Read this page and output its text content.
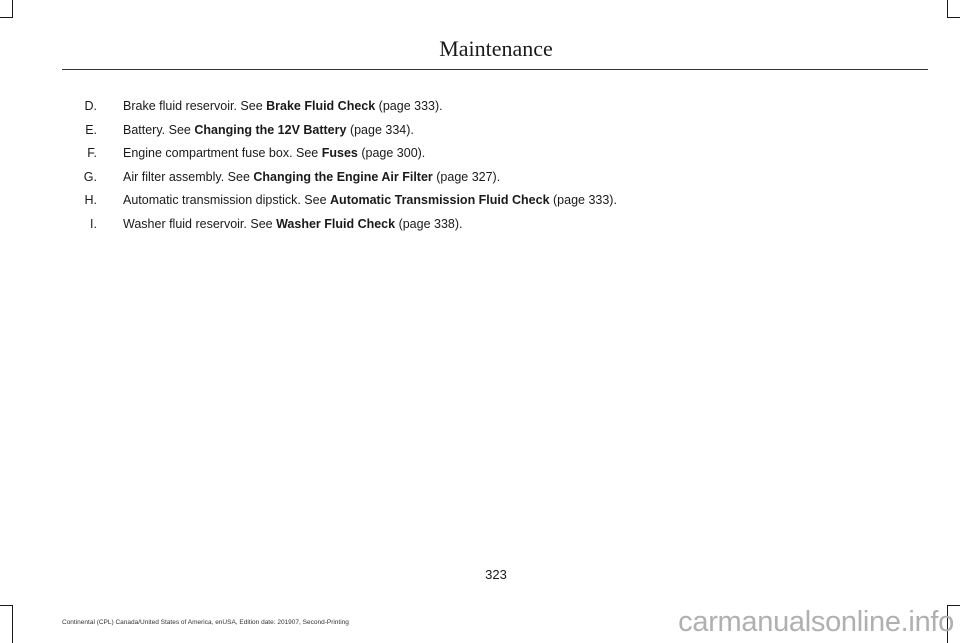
Maintenance
D. Brake fluid reservoir. See Brake Fluid Check (page 333).
E. Battery. See Changing the 12V Battery (page 334).
F. Engine compartment fuse box. See Fuses (page 300).
G. Air filter assembly. See Changing the Engine Air Filter (page 327).
H. Automatic transmission dipstick. See Automatic Transmission Fluid Check (page 333).
I. Washer fluid reservoir. See Washer Fluid Check (page 338).
323
Continental (CPL) Canada/United States of America, enUSA, Edition date: 201907, Second-Printing	carmanualsonline.info
